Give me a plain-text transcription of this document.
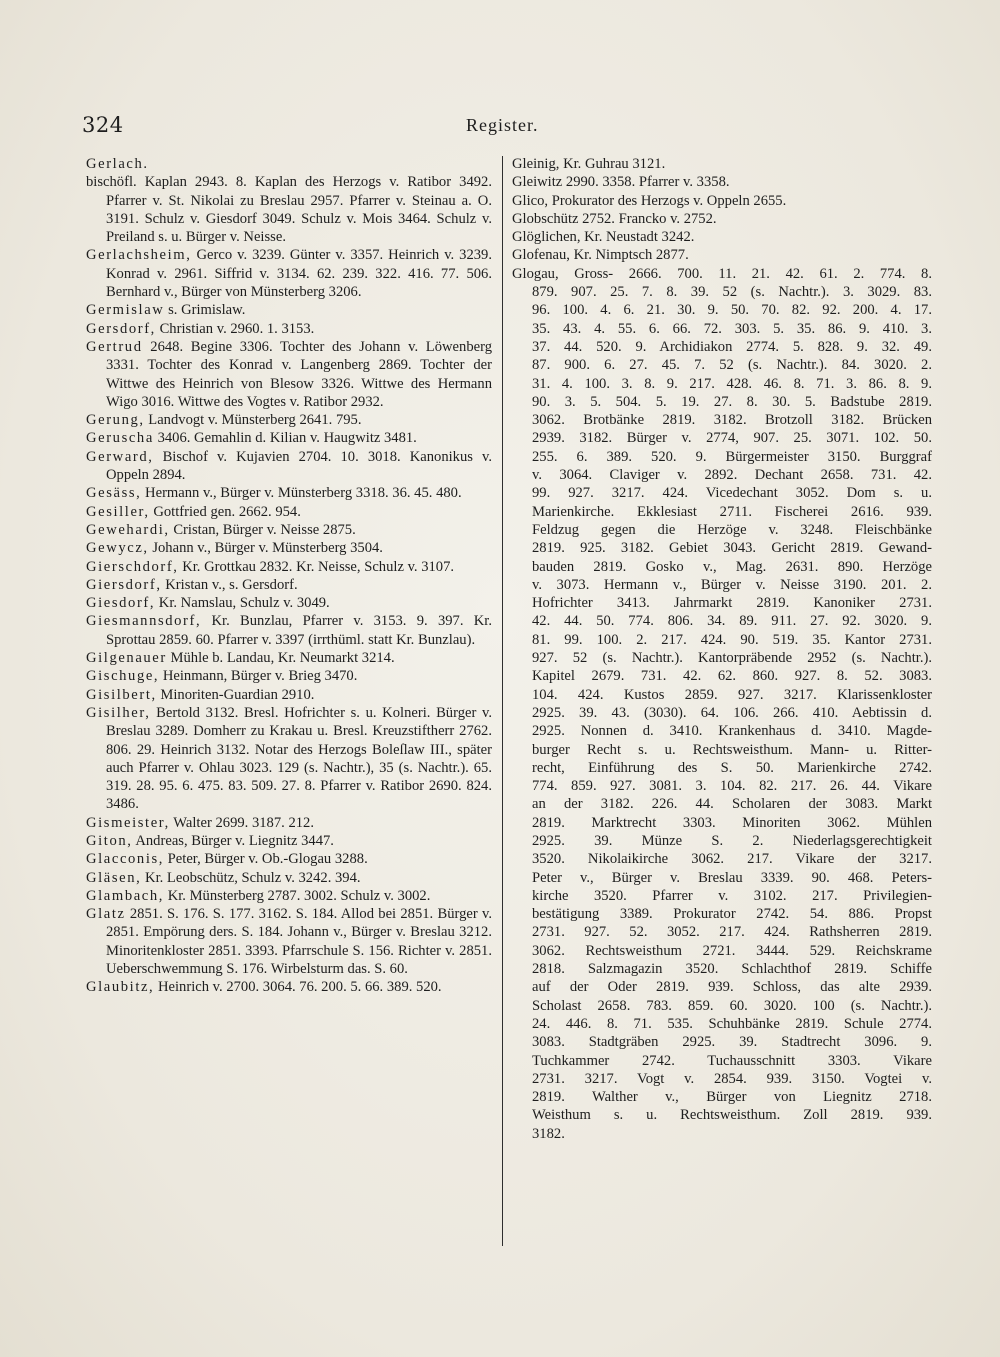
324	Register.

Gerlach.

bischöfl. Kaplan 2943. 8. Kaplan des Herzogs v. Ratibor 3492. Pfarrer v. St. Nikolai zu Breslau 2957. Pfarrer v. Steinau a. O. 3191. Schulz v. Giesdorf 3049. Schulz v. Mois 3464. Schulz v. Preiland s. u. Bürger v. Neisse.

Gerlachsheim, Gerco v. 3239. Günter v. 3357. Heinrich v. 3239. Konrad v. 2961. Siffrid v. 3134. 62. 239. 322. 416. 77. 506. Bernhard v., Bürger von Münsterberg 3206.

Germislaw s. Grimislaw.

Gersdorf, Christian v. 2960. 1. 3153.

Gertrud 2648. Begine 3306. Tochter des Johann v. Löwenberg 3331. Tochter des Konrad v. Langenberg 2869. Tochter der Wittwe des Heinrich von Blesow 3326. Wittwe des Hermann Wigo 3016. Wittwe des Vogtes v. Ratibor 2932.

Gerung, Landvogt v. Münsterberg 2641. 795.

Geruscha 3406. Gemahlin d. Kilian v. Haugwitz 3481.

Gerward, Bischof v. Kujavien 2704. 10. 3018. Kanonikus v. Oppeln 2894.

Gesäss, Hermann v., Bürger v. Münsterberg 3318. 36. 45. 480.

Gesiller, Gottfried gen. 2662. 954.

Gewehardi, Cristan, Bürger v. Neisse 2875.

Gewycz, Johann v., Bürger v. Münsterberg 3504.

Gierschdorf, Kr. Grottkau 2832. Kr. Neisse, Schulz v. 3107.

Giersdorf, Kristan v., s. Gersdorf.

Giesdorf, Kr. Namslau, Schulz v. 3049.

Giesmannsdorf, Kr. Bunzlau, Pfarrer v. 3153. 9. 397. Kr. Sprottau 2859. 60. Pfarrer v. 3397 (irrthüml. statt Kr. Bunzlau).

Gilgenauer Mühle b. Landau, Kr. Neumarkt 3214.

Gischuge, Heinmann, Bürger v. Brieg 3470.

Gisilbert, Minoriten-Guardian 2910.

Gisilher, Bertold 3132. Bresl. Hofrichter s. u. Kolneri. Bürger v. Breslau 3289. Domherr zu Krakau u. Bresl. Kreuzstiftherr 2762. 806. 29. Heinrich 3132. Notar des Herzogs Boleſlaw III., später auch Pfarrer v. Ohlau 3023. 129 (s. Nachtr.), 35 (s. Nachtr.). 65. 319. 28. 95. 6. 475. 83. 509. 27. 8. Pfarrer v. Ratibor 2690. 824. 3486.

Gismeister, Walter 2699. 3187. 212.

Giton, Andreas, Bürger v. Liegnitz 3447.

Glacconis, Peter, Bürger v. Ob.-Glogau 3288.

Gläsen, Kr. Leobschütz, Schulz v. 3242. 394.

Glambach, Kr. Münsterberg 2787. 3002. Schulz v. 3002.

Glatz 2851. S. 176. S. 177. 3162. S. 184. Allod bei 2851. Bürger v. 2851. Empörung ders. S. 184. Johann v., Bürger v. Breslau 3212. Minoritenkloster 2851. 3393. Pfarrschule S. 156. Richter v. 2851. Ueberschwemmung S. 176. Wirbelsturm das. S. 60.

Glaubitz, Heinrich v. 2700. 3064. 76. 200. 5. 66. 389. 520.

Gleinig, Kr. Guhrau 3121.
Gleiwitz 2990. 3358. Pfarrer v. 3358.
Glico, Prokurator des Herzogs v. Oppeln 2655.
Globschütz 2752. Francko v. 2752.
Glöglichen, Kr. Neustadt 3242.
Glofenau, Kr. Nimptsch 2877.
Glogau, Gross- 2666. 700. 11. 21. 42. 61. 2. 774. 8.
879. 907. 25. 7. 8. 39. 52 (s. Nachtr.). 3. 3029. 83.
96. 100. 4. 6. 21. 30. 9. 50. 70. 82. 92. 200. 4. 17.
35. 43. 4. 55. 6. 66. 72. 303. 5. 35. 86. 9. 410. 3.
37. 44. 520. 9. Archidiakon 2774. 5. 828. 9. 32. 49.
87. 900. 6. 27. 45. 7. 52 (s. Nachtr.). 84. 3020. 2.
31. 4. 100. 3. 8. 9. 217. 428. 46. 8. 71. 3. 86. 8. 9.
90. 3. 5. 504. 5. 19. 27. 8. 30. 5. Badstube 2819.
3062. Brotbänke 2819. 3182. Brotzoll 3182. Brücken
2939. 3182. Bürger v. 2774, 907. 25. 3071. 102. 50.
255. 6. 389. 520. 9. Bürgermeister 3150. Burggraf
v. 3064. Claviger v. 2892. Dechant 2658. 731. 42.
99. 927. 3217. 424. Vicedechant 3052. Dom s. u.
Marienkirche. Ekklesiast 2711. Fischerei 2616. 939.
Feldzug gegen die Herzöge v. 3248. Fleischbänke
2819. 925. 3182. Gebiet 3043. Gericht 2819. Gewand-
bauden 2819. Gosko v., Mag. 2631. 890. Herzöge
v. 3073. Hermann v., Bürger v. Neisse 3190. 201. 2.
Hofrichter 3413. Jahrmarkt 2819. Kanoniker 2731.
42. 44. 50. 774. 806. 34. 89. 911. 27. 92. 3020. 9.
81. 99. 100. 2. 217. 424. 90. 519. 35. Kantor 2731.
927. 52 (s. Nachtr.). Kantorpräbende 2952 (s. Nachtr.).
Kapitel 2679. 731. 42. 62. 860. 927. 8. 52. 3083.
104. 424. Kustos 2859. 927. 3217. Klarissenkloster
2925. 39. 43. (3030). 64. 106. 266. 410. Aebtissin d.
2925. Nonnen d. 3410. Krankenhaus d. 3410. Magde-
burger Recht s. u. Rechtsweisthum. Mann- u. Ritter-
recht, Einführung des S. 50. Marienkirche 2742.
774. 859. 927. 3081. 3. 104. 82. 217. 26. 44. Vikare
an der 3182. 226. 44. Scholaren der 3083. Markt
2819. Marktrecht 3303. Minoriten 3062. Mühlen
2925. 39. Münze S. 2. Niederlagsgerechtigkeit
3520. Nikolaikirche 3062. 217. Vikare der 3217.
Peter v., Bürger v. Breslau 3339. 90. 468. Peters-
kirche 3520. Pfarrer v. 3102. 217. Privilegien-
bestätigung 3389. Prokurator 2742. 54. 886. Propst
2731. 927. 52. 3052. 217. 424. Rathsherren 2819.
3062. Rechtsweisthum 2721. 3444. 529. Reichskrame
2818. Salzmagazin 3520. Schlachthof 2819. Schiffe
auf der Oder 2819. 939. Schloss, das alte 2939.
Scholast 2658. 783. 859. 60. 3020. 100 (s. Nachtr.).
24. 446. 8. 71. 535. Schuhbänke 2819. Schule 2774.
3083. Stadtgräben 2925. 39. Stadtrecht 3096. 9.
Tuchkammer 2742. Tuchausschnitt 3303. Vikare
2731. 3217. Vogt v. 2854. 939. 3150. Vogtei v.
2819. Walther v., Bürger von Liegnitz 2718.
Weisthum s. u. Rechtsweisthum. Zoll 2819. 939.
3182.
